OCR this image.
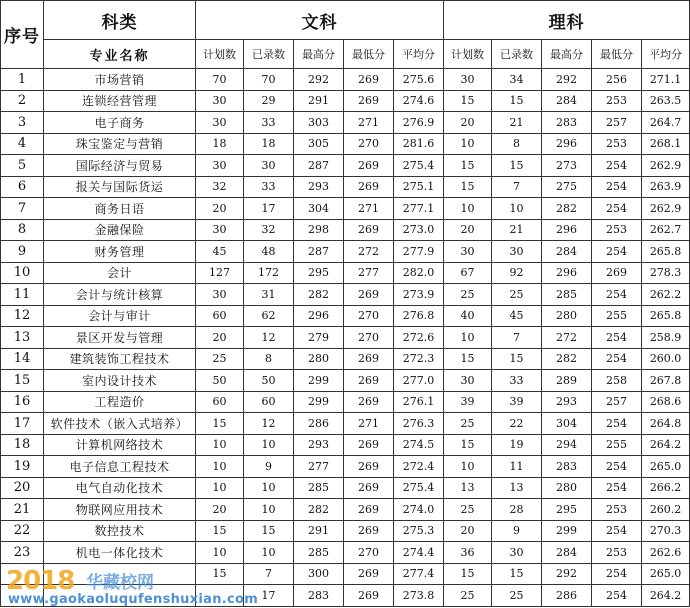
序号	科类	文科					理科				
	专业名称	计划数	已录数	最高分	最低分	平均分	计划数	已录数	最高分	最低分	平均分
1	市场营销	70	70	292	269	275.6	30	34	292	256	271.1
2	连锁经营管理	30	29	291	269	274.6	15	15	284	253	263.5
3	电子商务	30	33	303	271	276.9	20	21	283	257	264.7
4	珠宝鉴定与营销	18	18	305	270	281.6	10	8	296	253	268.1
5	国际经济与贸易	30	30	287	269	275.4	15	15	273	254	262.9
6	报关与国际货运	32	33	293	269	275.1	15	7	275	254	263.9
7	商务日语	20	17	304	271	277.1	10	10	282	254	262.9
8	金融保险	30	32	298	269	273.0	20	21	296	253	262.7
9	财务管理	45	48	287	272	277.9	30	30	284	254	265.8
10	会计	127	172	295	277	282.0	67	92	296	269	278.3
11	会计与统计核算	30	31	282	269	273.9	25	25	285	254	262.2
12	会计与审计	60	62	296	270	276.8	40	45	280	255	265.8
13	景区开发与管理	20	12	279	270	272.6	10	7	272	254	258.9
14	建筑装饰工程技术	25	8	280	269	272.3	15	15	282	254	260.0
15	室内设计技术	50	50	299	269	277.0	30	33	289	258	267.8
16	工程造价	60	60	299	269	276.1	39	39	293	257	268.6
17	软件技术（嵌入式培养）	15	12	286	271	276.3	25	22	304	254	264.8
18	计算机网络技术	10	10	293	269	274.5	15	19	294	255	264.2
19	电子信息工程技术	10	9	277	269	272.4	10	11	283	254	265.0
20	电气自动化技术	10	10	285	269	275.4	13	13	280	254	266.2
21	物联网应用技术	20	10	282	269	274.0	25	28	295	253	260.2
22	数控技术	15	15	291	269	275.3	20	9	299	254	270.3
23	机电一体化技术	10	10	285	270	274.4	36	30	284	253	262.6
		15	7	300	269	277.4	15	15	292	254	265.0
			17	283	269	273.8	25	25	286	254	264.2
2018 华藏校网
www.gaokaoluqufenshuxian.com
